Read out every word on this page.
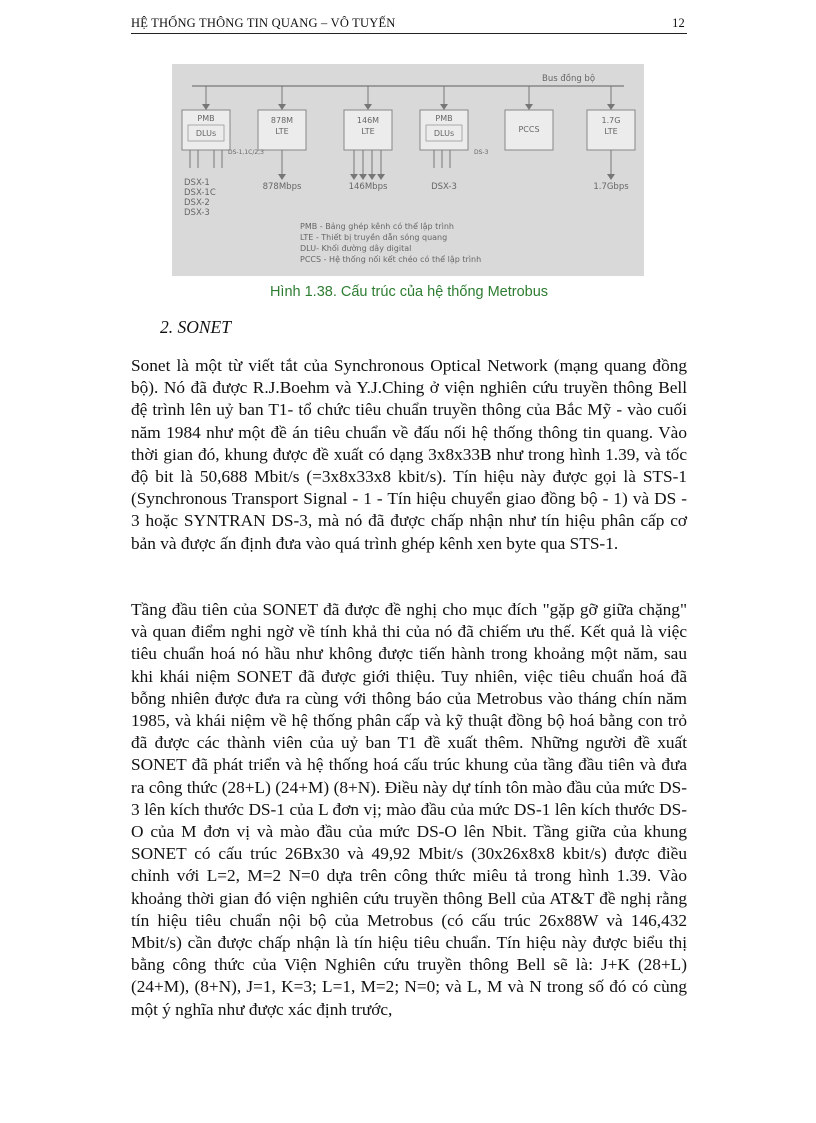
HỆ THỐNG THÔNG TIN QUANG – VÔ TUYẾN	12
Bus đồng bộ
PMB
DLUs
878M
LTE
146M
LTE
PMB
DLUs	PCCS
1.7G
LTE
DS-1,1C/2,3	DS-3
DSX-1
DSX-1C
DSX-2
DSX-3
878Mbps	146Mbps	DSX-3	1.7Gbps
PMB - Bảng ghép kênh có thể lập trình
LTE - Thiết bị truyền dẫn sóng quang
DLU- Khối đường dây digital
PCCS - Hệ thống nối kết chéo có thể lập trình
Hình 1.38. Cấu trúc của hệ thống Metrobus
2. SONET

Sonet là một từ viết tắt của Synchronous Optical Network (mạng quang đồng bộ). Nó đã được R.J.Boehm và Y.J.Ching ở viện nghiên cứu truyền thông Bell đệ trình lên uỷ ban T1- tổ chức tiêu chuẩn truyền thông của Bắc Mỹ - vào cuối năm 1984 như một đề án tiêu chuẩn về đấu nối hệ thống thông tin quang. Vào thời gian đó, khung được đề xuất có dạng 3x8x33B như trong hình 1.39, và tốc độ bit là 50,688 Mbit/s (=3x8x33x8 kbit/s). Tín hiệu này được gọi là STS-1 (Synchronous Transport Signal - 1 - Tín hiệu chuyển giao đồng bộ - 1) và DS - 3 hoặc SYNTRAN DS-3, mà nó đã được chấp nhận như tín hiệu phân cấp cơ bản và được ấn định đưa vào quá trình ghép kênh xen byte qua STS-1.

Tầng đầu tiên của SONET đã được đề nghị cho mục đích "gặp gỡ giữa chặng" và quan điểm nghi ngờ về tính khả thi của nó đã chiếm ưu thế. Kết quả là việc tiêu chuẩn hoá nó hầu như không được tiến hành trong khoảng một năm, sau khi khái niệm SONET đã được giới thiệu. Tuy nhiên, việc tiêu chuẩn hoá đã bỗng nhiên được đưa ra cùng với thông báo của Metrobus vào tháng chín năm 1985, và khái niệm về hệ thống phân cấp và kỹ thuật đồng bộ hoá bằng con trỏ đã được các thành viên của uỷ ban T1 đề xuất thêm. Những người đề xuất SONET đã phát triển và hệ thống hoá cấu trúc khung của tầng đầu tiên và đưa ra công thức (28+L) (24+M) (8+N). Điều này dự tính tôn mào đầu của mức DS-3 lên kích thước DS-1 của L đơn vị; mào đầu của mức DS-1 lên kích thước DS-O của M đơn vị và mào đầu của mức DS-O lên Nbit. Tầng giữa của khung SONET có cấu trúc 26Bx30 và 49,92 Mbit/s (30x26x8x8 kbit/s) được điều chỉnh với L=2, M=2 N=0 dựa trên công thức miêu tả trong hình 1.39. Vào khoảng thời gian đó viện nghiên cứu truyền thông Bell của AT&T đề nghị rằng tín hiệu tiêu chuẩn nội bộ của Metrobus (có cấu trúc 26x88W và 146,432 Mbit/s) cần được chấp nhận là tín hiệu tiêu chuẩn. Tín hiệu này được biểu thị bằng công thức của Viện Nghiên cứu truyền thông Bell sẽ là: J+K (28+L) (24+M), (8+N), J=1, K=3; L=1, M=2; N=0; và L, M và N trong số đó có cùng một ý nghĩa như được xác định trước,
